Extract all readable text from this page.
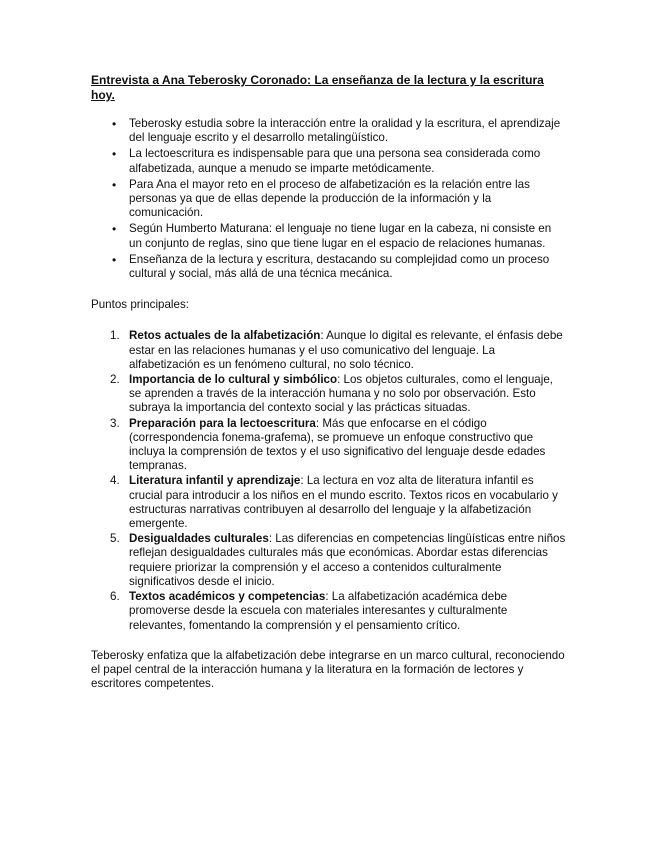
Entrevista a Ana Teberosky Coronado: La enseñanza de la lectura y la escritura hoy.
• Teberosky estudia sobre la interacción entre la oralidad y la escritura, el aprendizaje del lenguaje escrito y el desarrollo metalingüístico.
• La lectoescritura es indispensable para que una persona sea considerada como alfabetizada, aunque a menudo se imparte metódicamente.
• Para Ana el mayor reto en el proceso de alfabetización es la relación entre las personas ya que de ellas depende la producción de la información y la comunicación.
• Según Humberto Maturana: el lenguaje no tiene lugar en la cabeza, ni consiste en un conjunto de reglas, sino que tiene lugar en el espacio de relaciones humanas.
• Enseñanza de la lectura y escritura, destacando su complejidad como un proceso cultural y social, más allá de una técnica mecánica.

Puntos principales:

1. Retos actuales de la alfabetización: Aunque lo digital es relevante, el énfasis debe estar en las relaciones humanas y el uso comunicativo del lenguaje. La alfabetización es un fenómeno cultural, no solo técnico.
2. Importancia de lo cultural y simbólico: Los objetos culturales, como el lenguaje, se aprenden a través de la interacción humana y no solo por observación. Esto subraya la importancia del contexto social y las prácticas situadas.
3. Preparación para la lectoescritura: Más que enfocarse en el código (correspondencia fonema-grafema), se promueve un enfoque constructivo que incluya la comprensión de textos y el uso significativo del lenguaje desde edades tempranas.
4. Literatura infantil y aprendizaje: La lectura en voz alta de literatura infantil es crucial para introducir a los niños en el mundo escrito. Textos ricos en vocabulario y estructuras narrativas contribuyen al desarrollo del lenguaje y la alfabetización emergente.
5. Desigualdades culturales: Las diferencias en competencias lingüísticas entre niños reflejan desigualdades culturales más que económicas. Abordar estas diferencias requiere priorizar la comprensión y el acceso a contenidos culturalmente significativos desde el inicio.
6. Textos académicos y competencias: La alfabetización académica debe promoverse desde la escuela con materiales interesantes y culturalmente relevantes, fomentando la comprensión y el pensamiento crítico.

Teberosky enfatiza que la alfabetización debe integrarse en un marco cultural, reconociendo el papel central de la interacción humana y la literatura en la formación de lectores y escritores competentes.
